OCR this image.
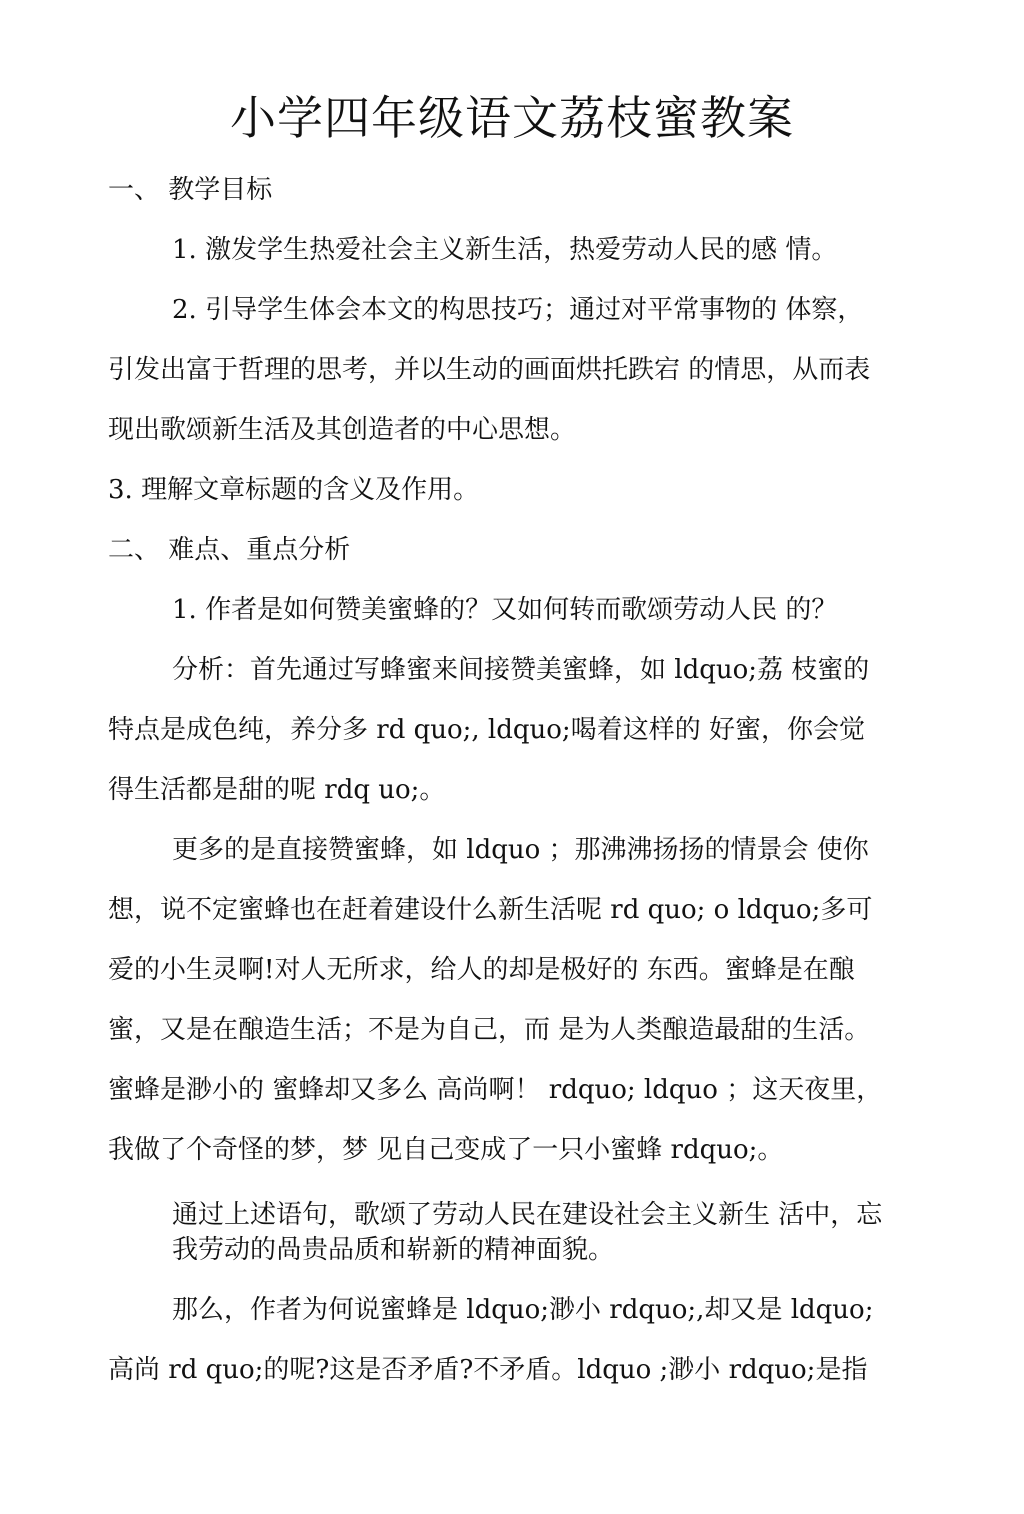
小学四年级语文荔枝蜜教案
一、 教学目标
1. 激发学生热爱社会主义新生活，热爱劳动人民的感 情。
2. 引导学生体会本文的构思技巧；通过对平常事物的 体察，
引发出富于哲理的思考，并以生动的画面烘托跌宕 的情思，从而表
现出歌颂新生活及其创造者的中心思想。
3. 理解文章标题的含义及作用。
二、 难点、重点分析
1. 作者是如何赞美蜜蜂的？又如何转而歌颂劳动人民 的？
分析：首先通过写蜂蜜来间接赞美蜜蜂，如 ldquo;荔 枝蜜的
特点是成色纯，养分多 rd quo;, ldquo;喝着这样的 好蜜，你会觉
得生活都是甜的呢 rdq uo;。
更多的是直接赞蜜蜂，如 ldquo ；那沸沸扬扬的情景会 使你
想，说不定蜜蜂也在赶着建设什么新生活呢 rd quo; o ldquo;多可
爱的小生灵啊!对人无所求，给人的却是极好的 东西。蜜蜂是在酿
蜜，又是在酿造生活；不是为自己，而 是为人类酿造最甜的生活。
蜜蜂是渺小的 蜜蜂却又多么 高尚啊！ rdquo; ldquo ；这天夜里，
我做了个奇怪的梦，梦 见自己变成了一只小蜜蜂 rdquo;。
通过上述语句，歌颂了劳动人民在建设社会主义新生 活中，忘
我劳动的咼贵品质和崭新的精神面貌。
那么，作者为何说蜜蜂是 ldquo;渺小 rdquo;,却又是 ldquo;
高尚 rd quo;的呢?这是否矛盾?不矛盾。ldquo ;渺小 rdquo;是指
